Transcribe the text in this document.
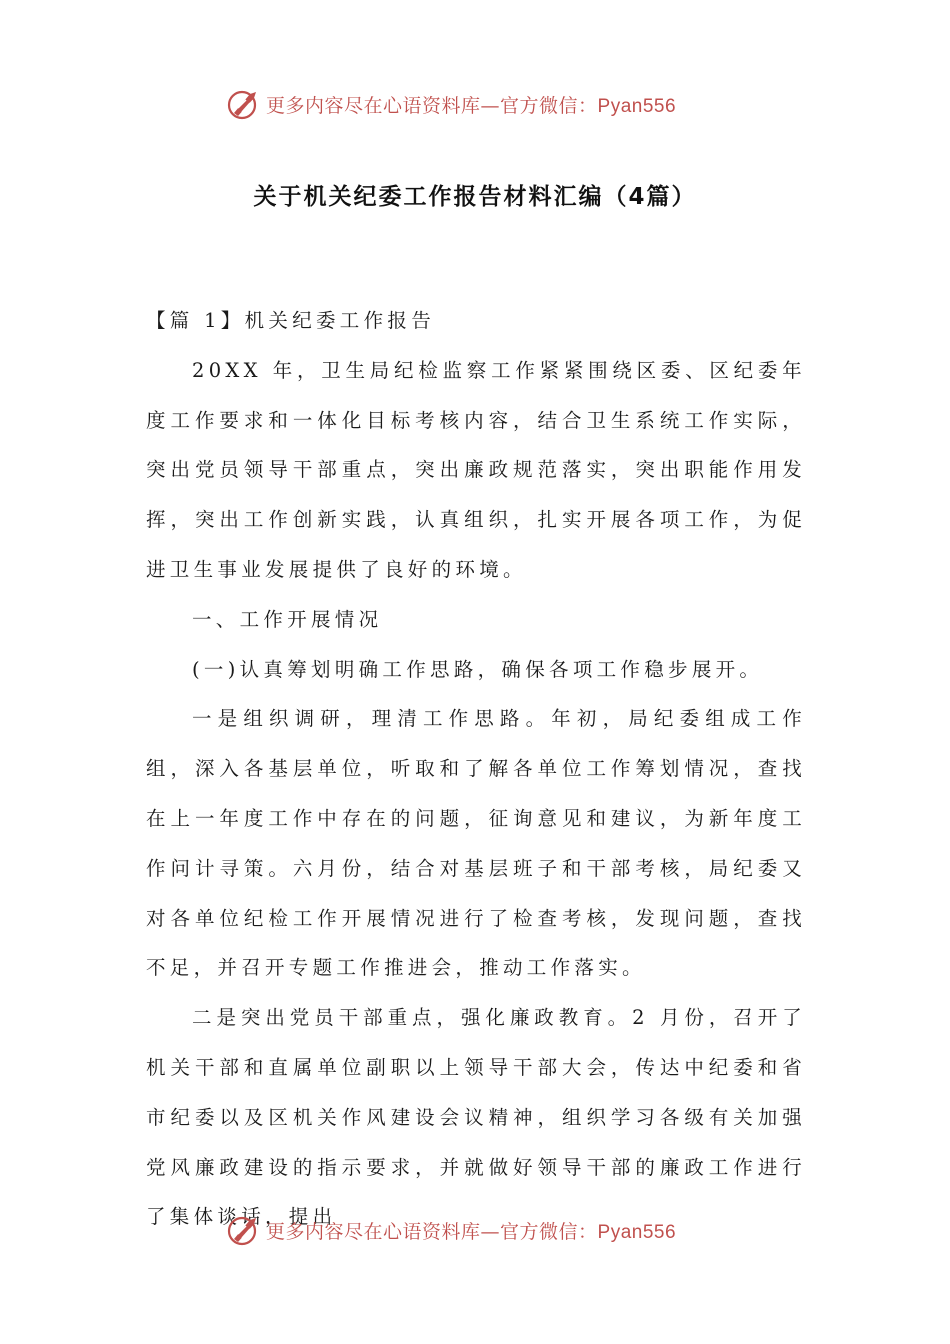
更多内容尽在心语资料库—官方微信：Pyan556
关于机关纪委工作报告材料汇编（4篇）

【篇 1】机关纪委工作报告

20XX 年，卫生局纪检监察工作紧紧围绕区委、区纪委年度工作要求和一体化目标考核内容，结合卫生系统工作实际，突出党员领导干部重点，突出廉政规范落实，突出职能作用发挥，突出工作创新实践，认真组织，扎实开展各项工作，为促进卫生事业发展提供了良好的环境。

一、工作开展情况

(一)认真筹划明确工作思路，确保各项工作稳步展开。

一是组织调研，理清工作思路。年初，局纪委组成工作组，深入各基层单位，听取和了解各单位工作筹划情况，查找在上一年度工作中存在的问题，征询意见和建议，为新年度工作问计寻策。六月份，结合对基层班子和干部考核，局纪委又对各单位纪检工作开展情况进行了检查考核，发现问题，查找不足，并召开专题工作推进会，推动工作落实。

二是突出党员干部重点，强化廉政教育。2 月份，召开了机关干部和直属单位副职以上领导干部大会，传达中纪委和省市纪委以及区机关作风建设会议精神，组织学习各级有关加强党风廉政建设的指示要求，并就做好领导干部的廉政工作进行了集体谈话，提出

更多内容尽在心语资料库—官方微信：Pyan556
